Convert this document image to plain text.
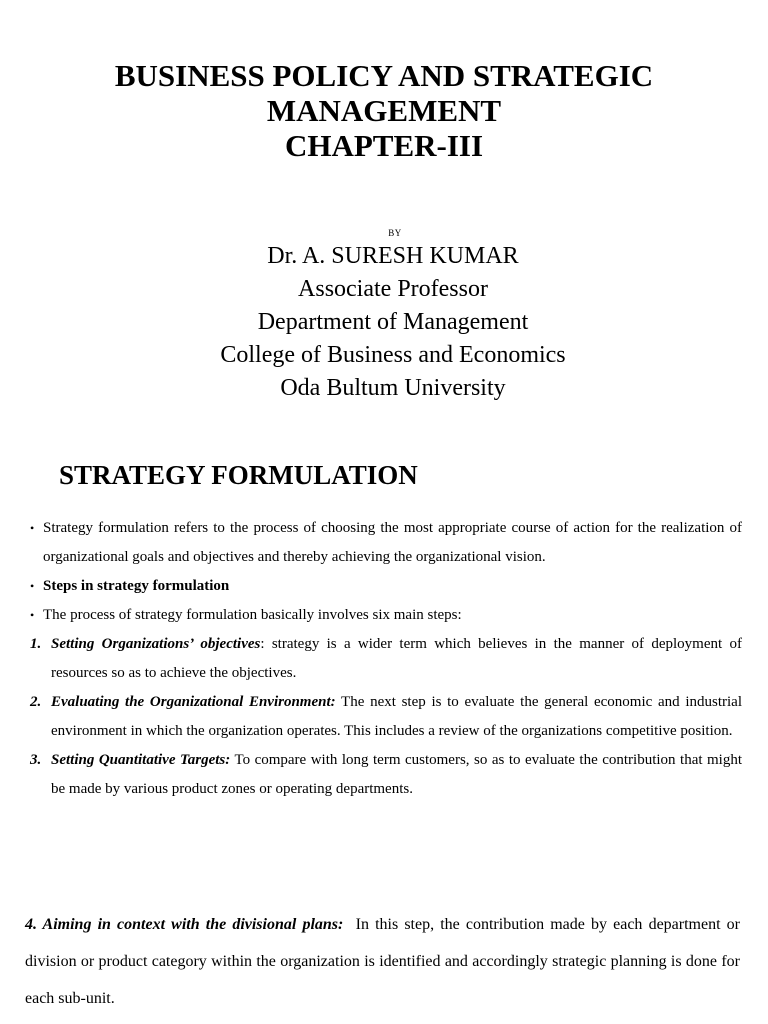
BUSINESS POLICY AND STRATEGIC
MANAGEMENT
CHAPTER-III
BY
Dr. A. SURESH KUMAR
Associate Professor
Department of Management
College of Business and Economics
Oda Bultum University
STRATEGY FORMULATION
• Strategy formulation refers to the process of choosing the most appropriate course of action for the realization of organizational goals and objectives and thereby achieving the organizational vision.
• Steps in strategy formulation
• The process of strategy formulation basically involves six main steps:
1. Setting Organizations’ objectives: strategy is a wider term which believes in the manner of deployment of resources so as to achieve the objectives.
2. Evaluating the Organizational Environment: The next step is to evaluate the general economic and industrial environment in which the organization operates. This includes a review of the organizations competitive position.
3. Setting Quantitative Targets: To compare with long term customers, so as to evaluate the contribution that might be made by various product zones or operating departments.
4. Aiming in context with the divisional plans:  In this step, the contribution made by each department or division or product category within the organization is identified and accordingly strategic planning is done for each sub-unit.
